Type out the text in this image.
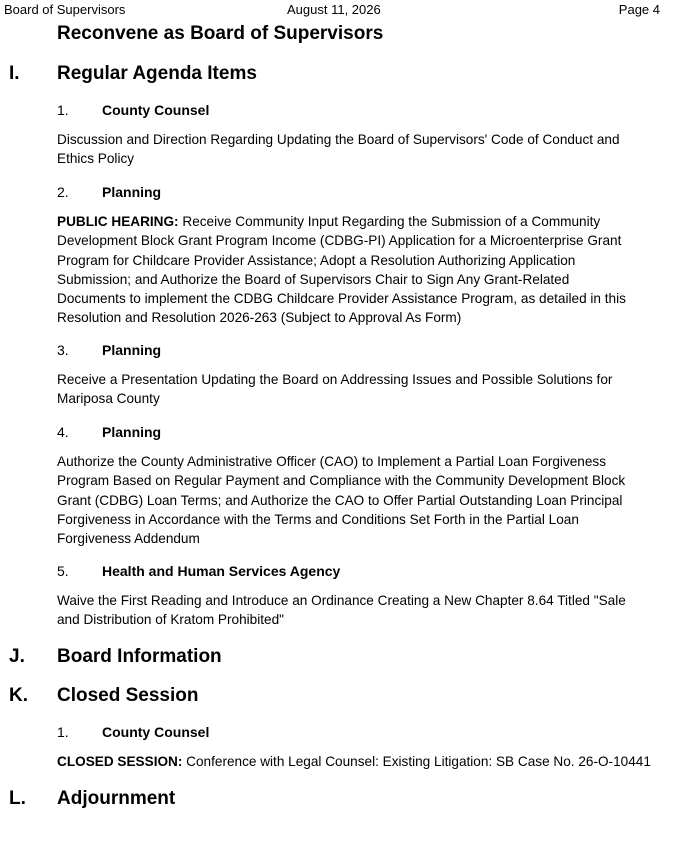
Board of Supervisors	August 11, 2026	Page 4
Reconvene as Board of Supervisors
I. Regular Agenda Items
1. County Counsel
Discussion and Direction Regarding Updating the Board of Supervisors' Code of Conduct and
Ethics Policy
2. Planning
PUBLIC HEARING: Receive Community Input Regarding the Submission of a Community
Development Block Grant Program Income (CDBG-PI) Application for a Microenterprise Grant
Program for Childcare Provider Assistance; Adopt a Resolution Authorizing Application
Submission; and Authorize the Board of Supervisors Chair to Sign Any Grant-Related
Documents to implement the CDBG Childcare Provider Assistance Program, as detailed in this
Resolution and Resolution 2026-263 (Subject to Approval As Form)
3. Planning
Receive a Presentation Updating the Board on Addressing Issues and Possible Solutions for
Mariposa County
4. Planning
Authorize the County Administrative Officer (CAO) to Implement a Partial Loan Forgiveness
Program Based on Regular Payment and Compliance with the Community Development Block
Grant (CDBG) Loan Terms; and Authorize the CAO to Offer Partial Outstanding Loan Principal
Forgiveness in Accordance with the Terms and Conditions Set Forth in the Partial Loan
Forgiveness Addendum
5. Health and Human Services Agency
Waive the First Reading and Introduce an Ordinance Creating a New Chapter 8.64 Titled "Sale
and Distribution of Kratom Prohibited"
J. Board Information
K. Closed Session
1. County Counsel
CLOSED SESSION: Conference with Legal Counsel: Existing Litigation: SB Case No. 26-O-10441
L. Adjournment
